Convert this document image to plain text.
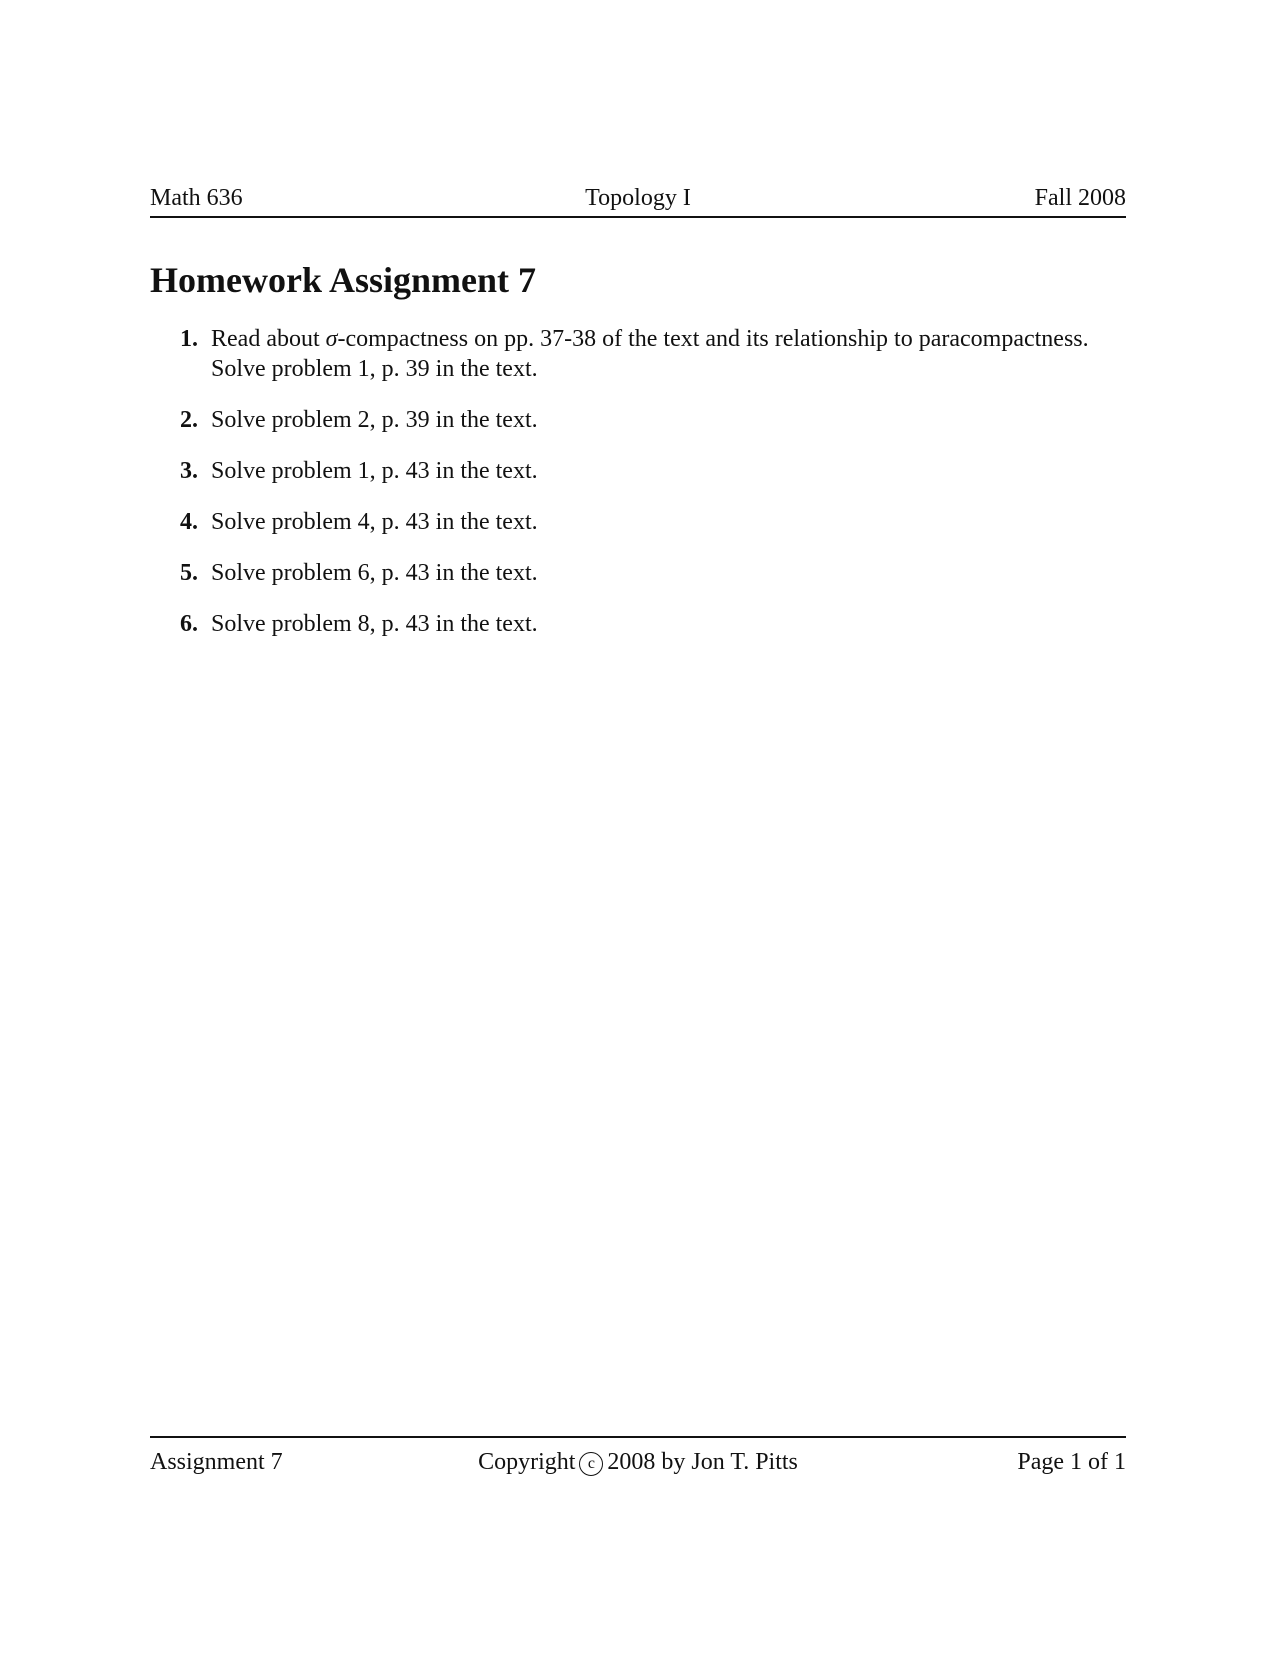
Math 636	Topology I	Fall 2008
Homework Assignment 7
1. Read about σ-compactness on pp. 37-38 of the text and its relationship to paracompactness.
Solve problem 1, p. 39 in the text.
2. Solve problem 2, p. 39 in the text.
3. Solve problem 1, p. 43 in the text.
4. Solve problem 4, p. 43 in the text.
5. Solve problem 6, p. 43 in the text.
6. Solve problem 8, p. 43 in the text.
Assignment 7	Copyright c 2008 by Jon T. Pitts	Page 1 of 1
